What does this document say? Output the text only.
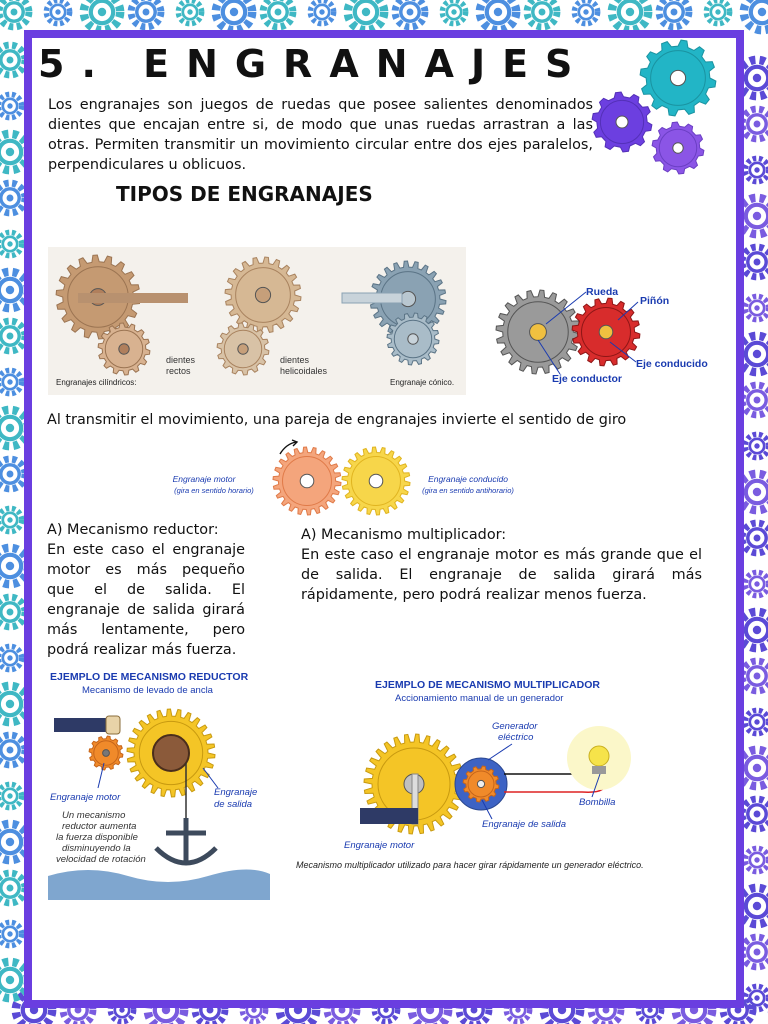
5. ENGRANAJES

Los engranajes son juegos de ruedas que posee salientes denominados dientes que encajan entre si, de modo que unas ruedas arrastran a las otras. Permiten transmitir un movimiento circular entre dos ejes paralelos, perpendiculares u oblicuos.

TIPOS DE ENGRANAJES
Engranajes cilíndricos:
dientes
rectos
dientes
helicoidales
Engranaje cónico.
Rueda
Piñón
Eje conducido
Eje conductor

Al transmitir el movimiento, una pareja de engranajes invierte el sentido de giro

Engranaje motor
(gira en sentido horario)
Engranaje conducido
(gira en sentido antihorario)

A) Mecanismo reductor:

En este caso el engranaje motor es más pequeño que el de salida. El engranaje de salida girará más lentamente, pero podrá realizar más fuerza.

A) Mecanismo multiplicador:

En este caso el engranaje motor es más grande que el de salida. El engranaje de salida girará más rápidamente, pero podrá realizar menos fuerza.

EJEMPLO DE MECANISMO REDUCTOR
Mecanismo de levado de ancla
Engranaje motor	Engranaje
de salida
Un mecanismo
reductor aumenta
la fuerza disponible
disminuyendo la
velocidad de rotación
EJEMPLO DE MECANISMO MULTIPLICADOR
Accionamiento manual de un generador
Generador
eléctrico
Bombilla
Engranaje de salida
Engranaje motor
Mecanismo multiplicador utilizado para hacer girar rápidamente un generador eléctrico.
